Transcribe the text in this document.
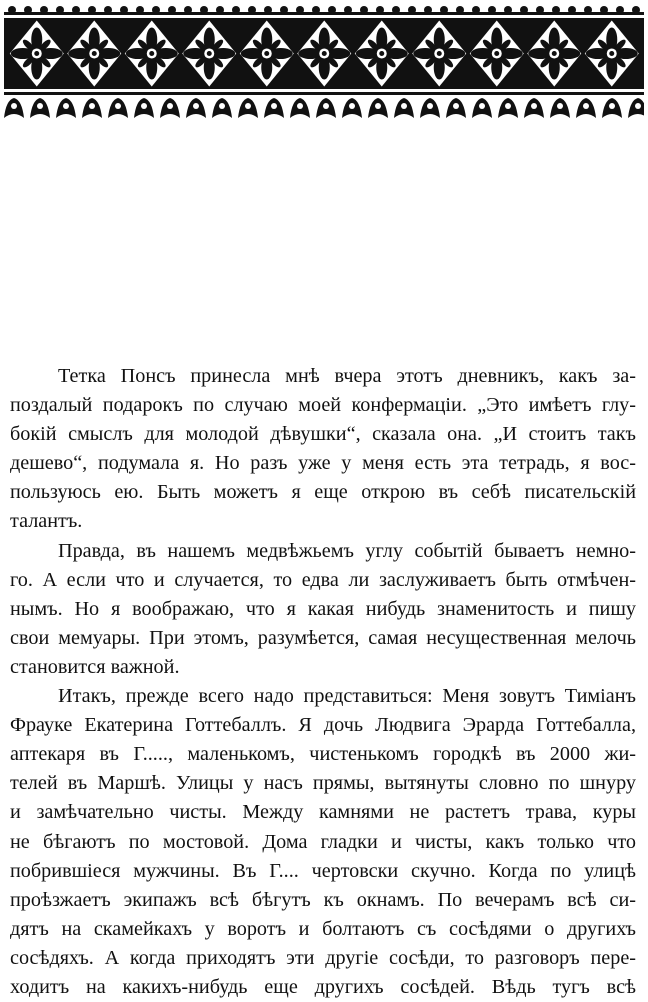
Тетка Понсъ принесла мнѣ вчера этотъ дневникъ, какъ за-
поздалый подарокъ по случаю моей конфермаціи. „Это имѣетъ глу-
бокій смыслъ для молодой дѣвушки“, сказала она. „И стоитъ такъ
дешево“, подумала я. Но разъ уже у меня есть эта тетрадь, я вос-
пользуюсь ею. Быть можетъ я еще открою въ себѣ писательскій
талантъ.
Правда, въ нашемъ медвѣжьемъ углу событій бываетъ немно-
го. А если что и случается, то едва ли заслуживаетъ быть отмѣчен-
нымъ. Но я воображаю, что я какая нибудь знаменитость и пишу
свои мемуары. При этомъ, разумѣется, самая несущественная мелочь
становится важной.
Итакъ, прежде всего надо представиться: Меня зовутъ Тиміанъ
Фрауке Екатерина Готтебаллъ. Я дочь Людвига Эрарда Готтебалла,
аптекаря въ Г....., маленькомъ, чистенькомъ городкѣ въ 2000 жи-
телей въ Маршѣ. Улицы у насъ прямы, вытянуты словно по шнуру
и замѣчательно чисты. Между камнями не растетъ трава, куры
не бѣгаютъ по мостовой. Дома гладки и чисты, какъ только что
побрившіеся мужчины. Въ Г.... чертовски скучно. Когда по улицѣ
проѣзжаетъ экипажъ всѣ бѣгутъ къ окнамъ. По вечерамъ всѣ си-
дятъ на скамейкахъ у воротъ и болтаютъ съ сосѣдями о другихъ
сосѣдяхъ. А когда приходятъ эти другіе сосѣди, то разговоръ пере-
ходитъ на какихъ-нибудь еще другихъ сосѣдей. Вѣдь тугъ всѣ
